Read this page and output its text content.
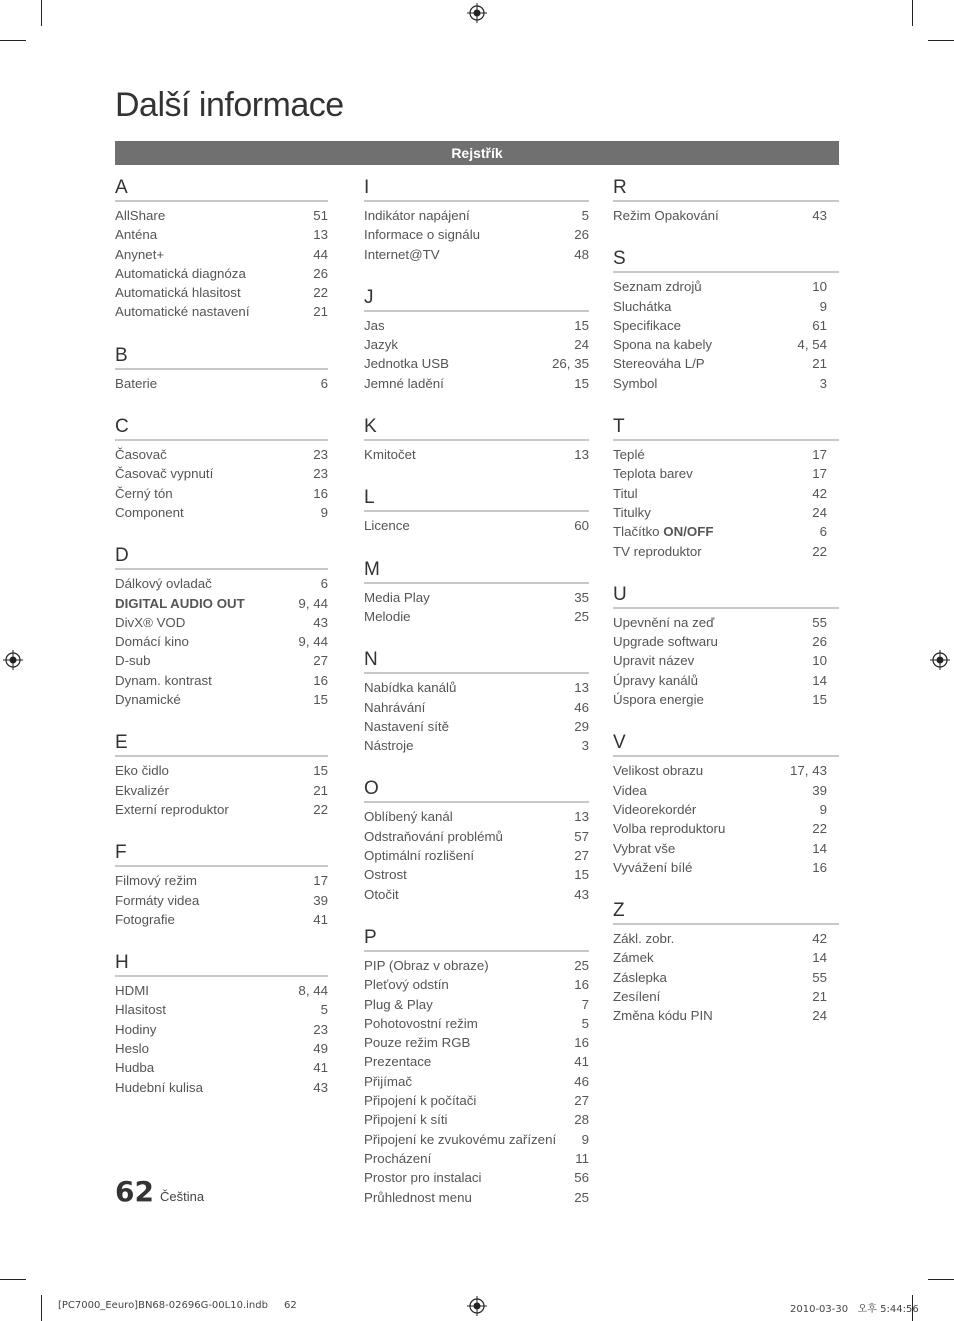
Další informace
Rejstřík
A
AllShare	51
Anténa	13
Anynet+	44
Automatická diagnóza	26
Automatická hlasitost	22
Automatické nastavení	21
B
Baterie	6
C
Časovač	23
Časovač vypnutí	23
Černý tón	16
Component	9
D
Dálkový ovladač	6
DIGITAL AUDIO OUT	9, 44
DivX® VOD	43
Domácí kino	9, 44
D-sub	27
Dynam. kontrast	16
Dynamické	15
E
Eko čidlo	15
Ekvalizér	21
Externí reproduktor	22
F
Filmový režim	17
Formáty videa	39
Fotografie	41
H
HDMI	8, 44
Hlasitost	5
Hodiny	23
Heslo	49
Hudba	41
Hudební kulisa	43
I
Indikátor napájení	5
Informace o signálu	26
Internet@TV	48
J
Jas	15
Jazyk	24
Jednotka USB	26, 35
Jemné ladění	15
K
Kmitočet	13
L
Licence	60
M
Media Play	35
Melodie	25
N
Nabídka kanálů	13
Nahrávání	46
Nastavení sítě	29
Nástroje	3
O
Oblíbený kanál	13
Odstraňování problémů	57
Optimální rozlišení	27
Ostrost	15
Otočit	43
P
PIP (Obraz v obraze)	25
Pleťový odstín	16
Plug & Play	7
Pohotovostní režim	5
Pouze režim RGB	16
Prezentace	41
Přijímač	46
Připojení k počítači	27
Připojení k síti	28
Připojení ke zvukovému zařízení 9
Procházení	11
Prostor pro instalaci	56
Průhlednost menu	25
R
Režim Opakování	43
S
Seznam zdrojů	10
Sluchátka	9
Specifikace	61
Spona na kabely	4, 54
Stereováha L/P	21
Symbol	3
T
Teplé	17
Teplota barev	17
Titul	42
Titulky	24
Tlačítko ON/OFF	6
TV reproduktor	22
U
Upevnění na zeď	55
Upgrade softwaru	26
Upravit název	10
Úpravy kanálů	14
Úspora energie	15
V
Velikost obrazu	17, 43
Videa	39
Videorekordér	9
Volba reproduktoru	22
Vybrat vše	14
Vyvážení bílé	16
Z
Zákl. zobr.	42
Zámek	14
Záslepka	55
Zesílení	21
Změna kódu PIN	24
62 Čeština
[PC7000_Eeuro]BN68-02696G-00L10.indb 62	2010-03-30   오후 5:44:56
